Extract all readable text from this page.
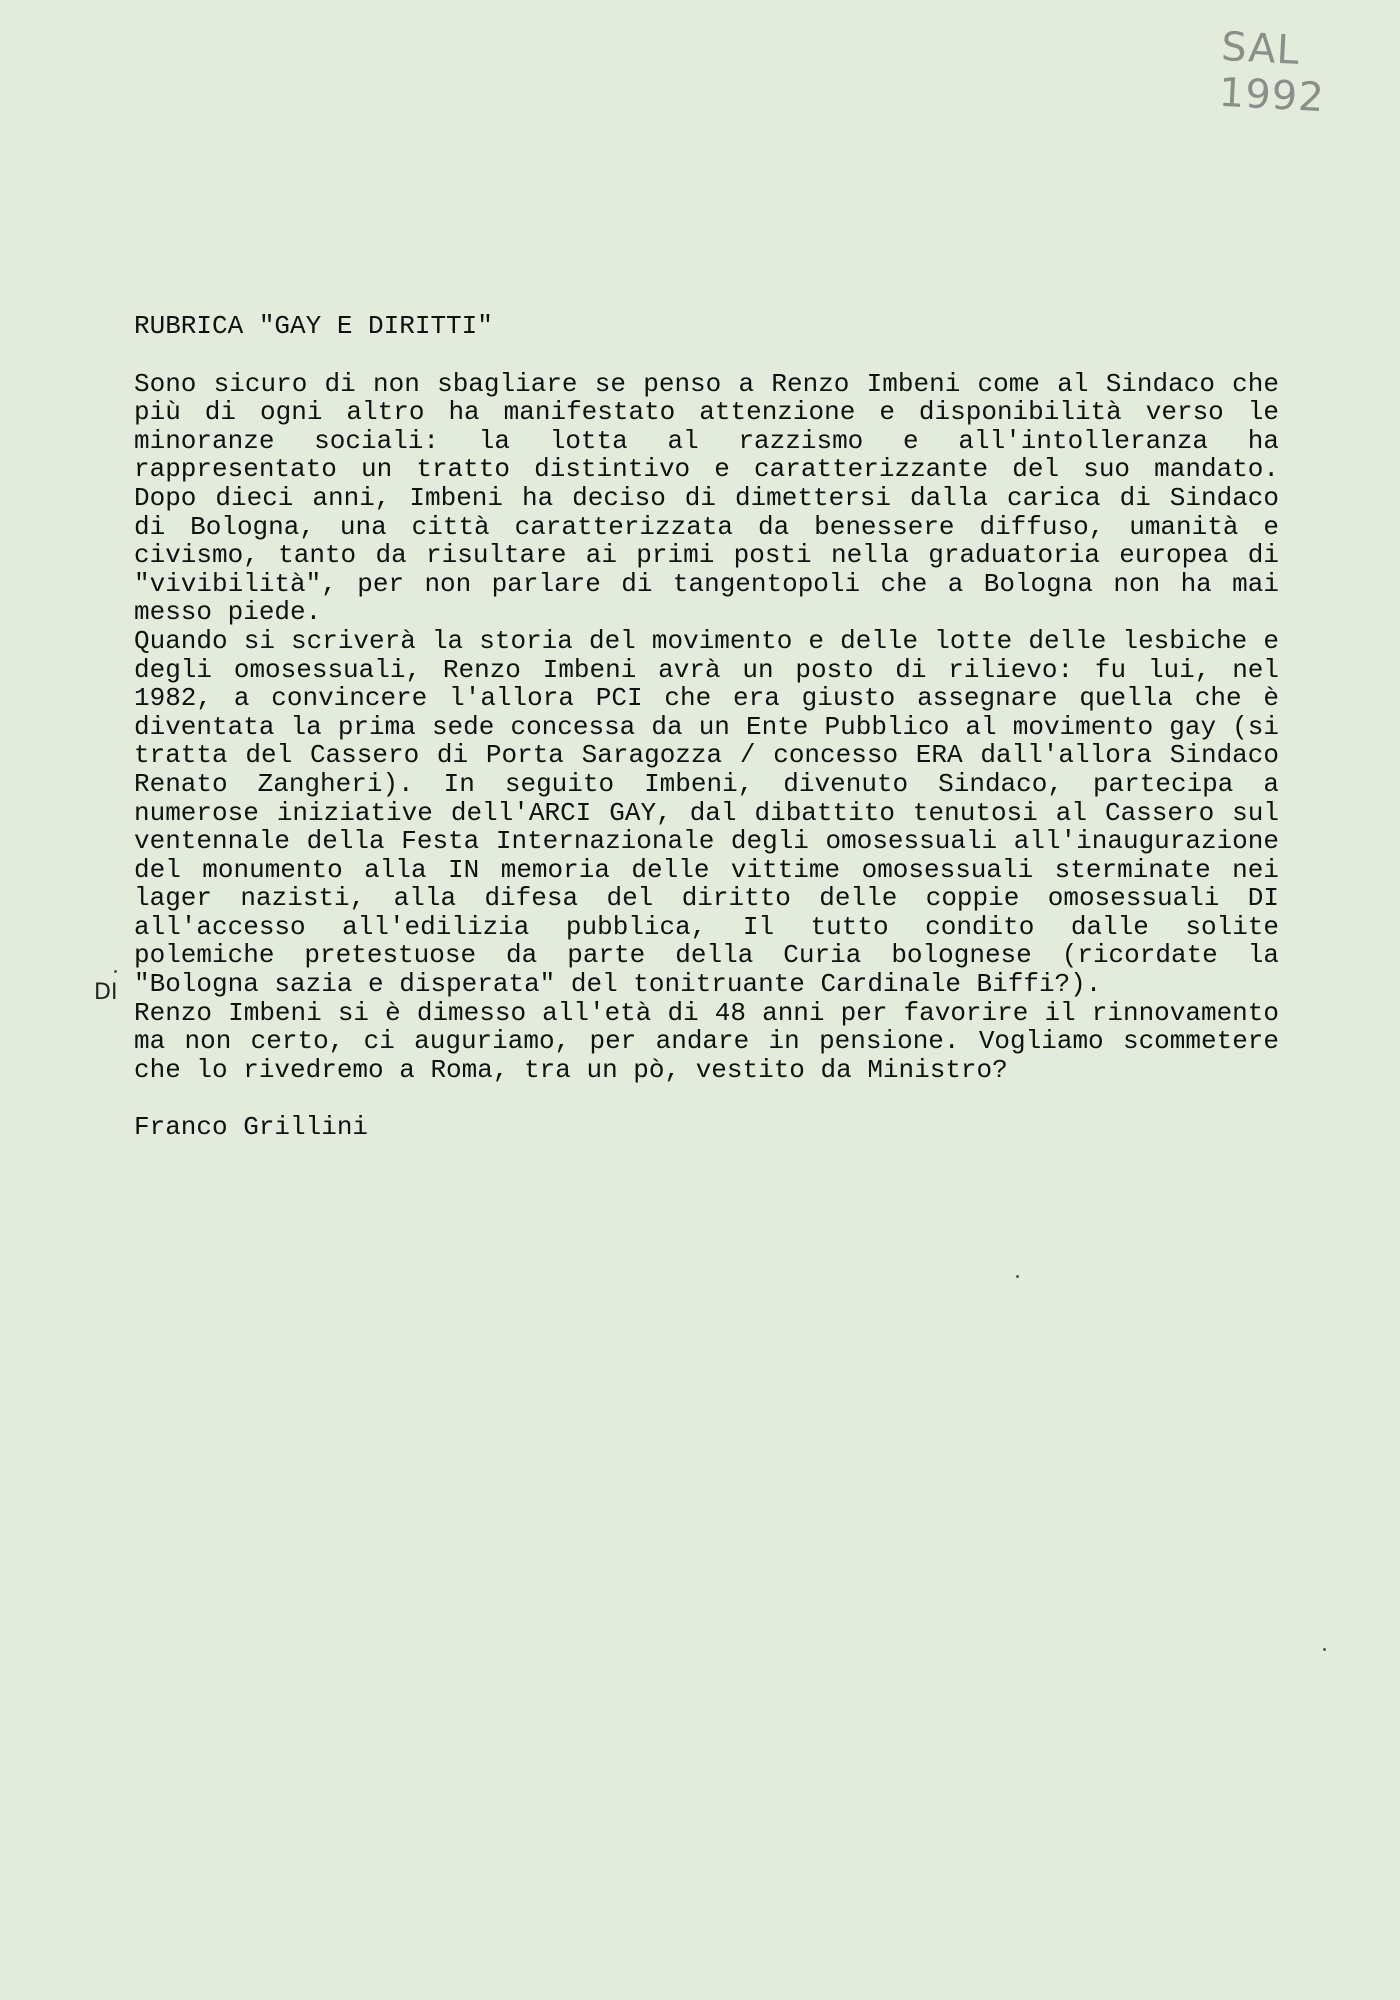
SAL 1992
DI
RUBRICA "GAY E DIRITTI"

Sono sicuro di non sbagliare se penso a Renzo Imbeni come al Sindaco che più di ogni altro ha manifestato attenzione e disponibilità verso le minoranze sociali: la lotta al razzismo e all'intolleranza ha rappresentato un tratto distintivo e caratterizzante del suo mandato. Dopo dieci anni, Imbeni ha deciso di dimettersi dalla carica di Sindaco di Bologna, una città caratterizzata da benessere diffuso, umanità e civismo, tanto da risultare ai primi posti nella graduatoria europea di "vivibilità", per non parlare di tangentopoli che a Bologna non ha mai messo piede.

Quando si scriverà la storia del movimento e delle lotte delle lesbiche e degli omosessuali, Renzo Imbeni avrà un posto di rilievo: fu lui, nel 1982, a convincere l'allora PCI che era giusto assegnare quella che è diventata la prima sede concessa da un Ente Pubblico al movimento gay (si tratta del Cassero di Porta Saragozza / concesso ERA dall'allora Sindaco Renato Zangheri). In seguito Imbeni, divenuto Sindaco, partecipa a numerose iniziative dell'ARCI GAY, dal dibattito tenutosi al Cassero sul ventennale della Festa Internazionale degli omosessuali all'inaugurazione del monumento alla IN memoria delle vittime omosessuali sterminate nei lager nazisti, alla difesa del diritto delle coppie omosessuali DI all'accesso all'edilizia pubblica, Il tutto condito dalle solite polemiche pretestuose da parte della Curia bolognese (ricordate la "Bologna sazia e disperata" del tonitruante Cardinale Biffi?).

Renzo Imbeni si è dimesso all'età di 48 anni per favorire il rinnovamento ma non certo, ci auguriamo, per andare in pensione. Vogliamo scommetere che lo rivedremo a Roma, tra un pò, vestito da Ministro?

Franco Grillini
